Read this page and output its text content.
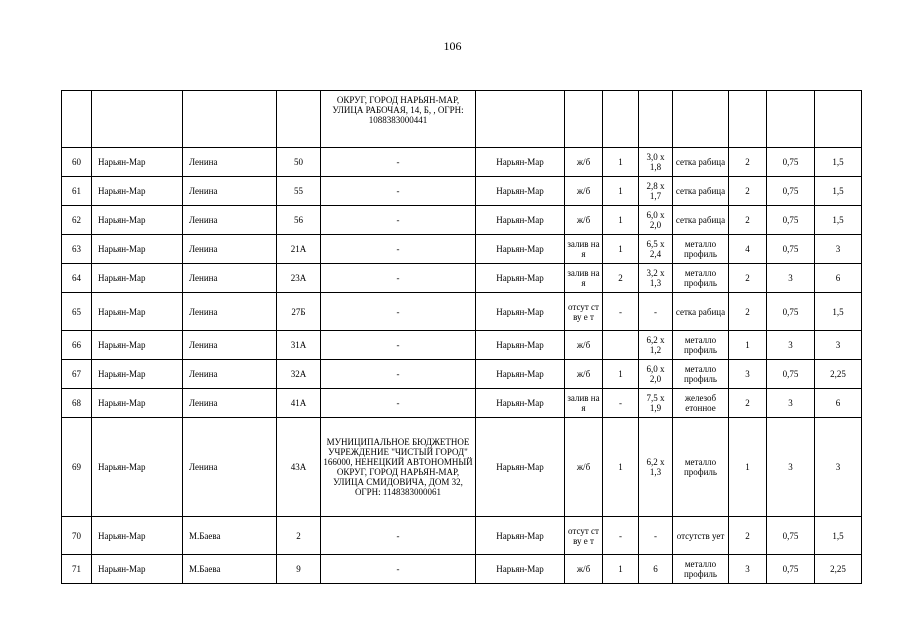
106
				ОКРУГ, ГОРОД НАРЬЯН-МАР, УЛИЦА РАБОЧАЯ, 14, Б, , ОГРН: 1088383000441								
60	Нарьян-Мар	Ленина	50	-	Нарьян-Мар	ж/б	1	3,0 х 1,8	сетка рабица	2	0,75	1,5
61	Нарьян-Мар	Ленина	55	-	Нарьян-Мар	ж/б	1	2,8 х 1,7	сетка рабица	2	0,75	1,5
62	Нарьян-Мар	Ленина	56	-	Нарьян-Мар	ж/б	1	6,0 х 2,0	сетка рабица	2	0,75	1,5
63	Нарьян-Мар	Ленина	21А	-	Нарьян-Мар	залив ная	1	6,5 х 2,4	металло профиль	4	0,75	3
64	Нарьян-Мар	Ленина	23А	-	Нарьян-Мар	залив ная	2	3,2 х 1,3	металло профиль	2	3	6
65	Нарьян-Мар	Ленина	27Б	-	Нарьян-Мар	отсут ству е т	-	-	сетка рабица	2	0,75	1,5
66	Нарьян-Мар	Ленина	31А	-	Нарьян-Мар	ж/б		6,2 х 1,2	металло профиль	1	3	3
67	Нарьян-Мар	Ленина	32А	-	Нарьян-Мар	ж/б	1	6,0 х 2,0	металло профиль	3	0,75	2,25
68	Нарьян-Мар	Ленина	41А	-	Нарьян-Мар	залив ная	-	7,5 х 1,9	железоб етонное	2	3	6
69	Нарьян-Мар	Ленина	43А	МУНИЦИПАЛЬНОЕ БЮДЖЕТНОЕ УЧРЕЖДЕНИЕ "ЧИСТЫЙ ГОРОД" 166000, НЕНЕЦКИЙ АВТОНОМНЫЙ ОКРУГ, ГОРОД НАРЬЯН-МАР, УЛИЦА СМИДОВИЧА, ДОМ 32, ОГРН: 1148383000061	Нарьян-Мар	ж/б	1	6,2 х 1,3	металло профиль	1	3	3
70	Нарьян-Мар	М.Баева	2	-	Нарьян-Мар	отсут ству е т	-	-	отсутств ует	2	0,75	1,5
71	Нарьян-Мар	М.Баева	9	-	Нарьян-Мар	ж/б	1	6	металло профиль	3	0,75	2,25
